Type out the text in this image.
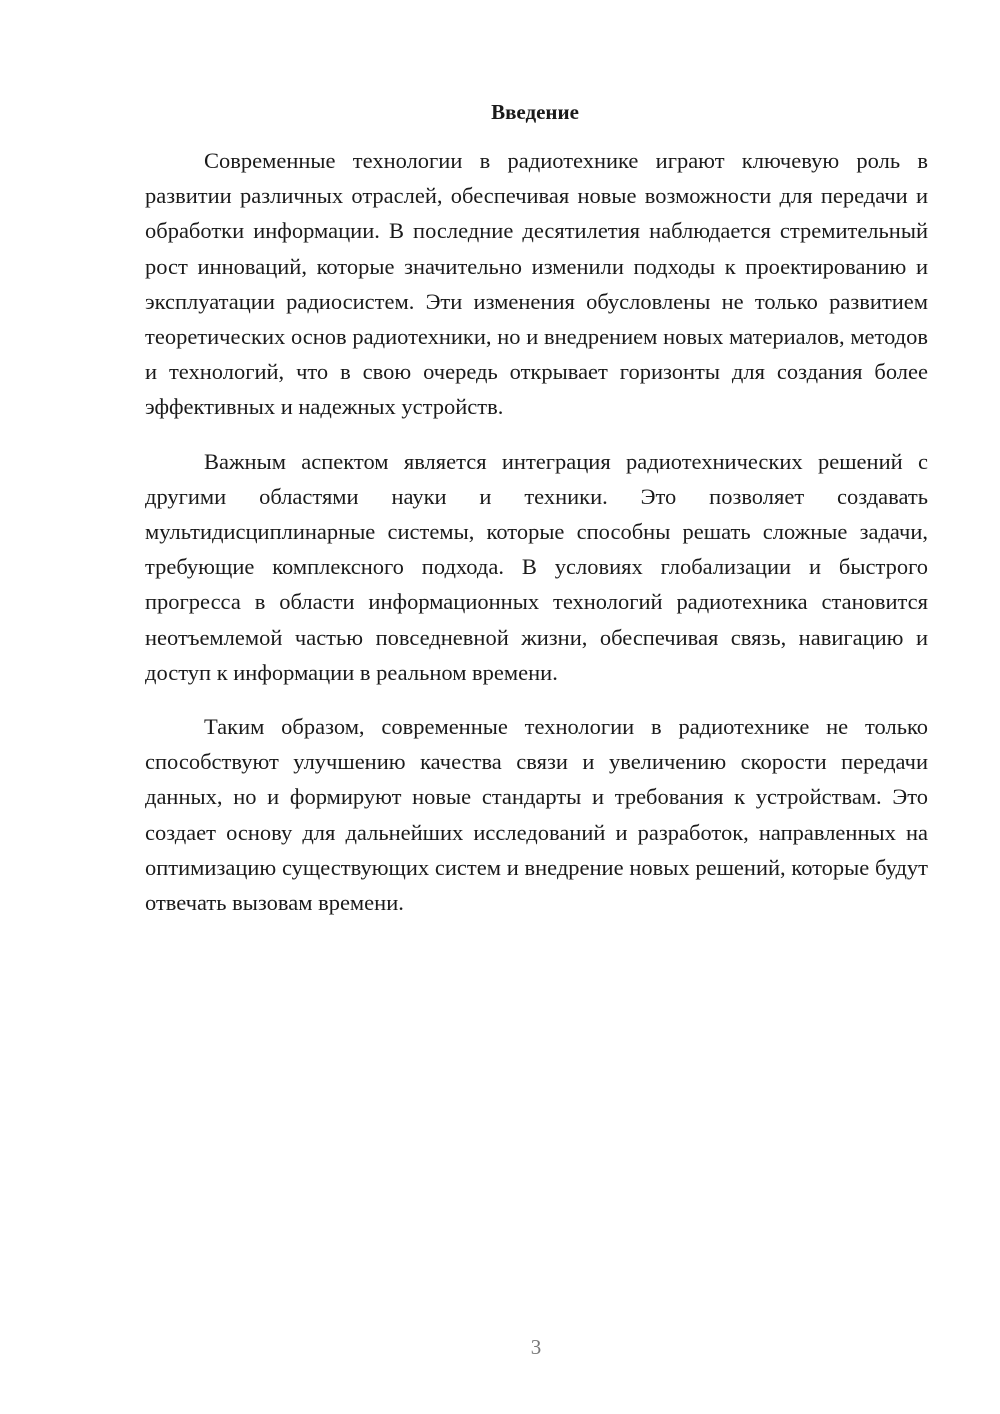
Введение

Современные технологии в радиотехнике играют ключевую роль в развитии различных отраслей, обеспечивая новые возможности для передачи и обработки информации. В последние десятилетия наблюдается стремительный рост инноваций, которые значительно изменили подходы к проектированию и эксплуатации радиосистем. Эти изменения обусловлены не только развитием теоретических основ радиотехники, но и внедрением новых материалов, методов и технологий, что в свою очередь открывает горизонты для создания более эффективных и надежных устройств.

Важным аспектом является интеграция радиотехнических решений с другими областями науки и техники. Это позволяет создавать мультидисциплинарные системы, которые способны решать сложные задачи, требующие комплексного подхода. В условиях глобализации и быстрого прогресса в области информационных технологий радиотехника становится неотъемлемой частью повседневной жизни, обеспечивая связь, навигацию и доступ к информации в реальном времени.

Таким образом, современные технологии в радиотехнике не только способствуют улучшению качества связи и увеличению скорости передачи данных, но и формируют новые стандарты и требования к устройствам. Это создает основу для дальнейших исследований и разработок, направленных на оптимизацию существующих систем и внедрение новых решений, которые будут отвечать вызовам времени.

3
